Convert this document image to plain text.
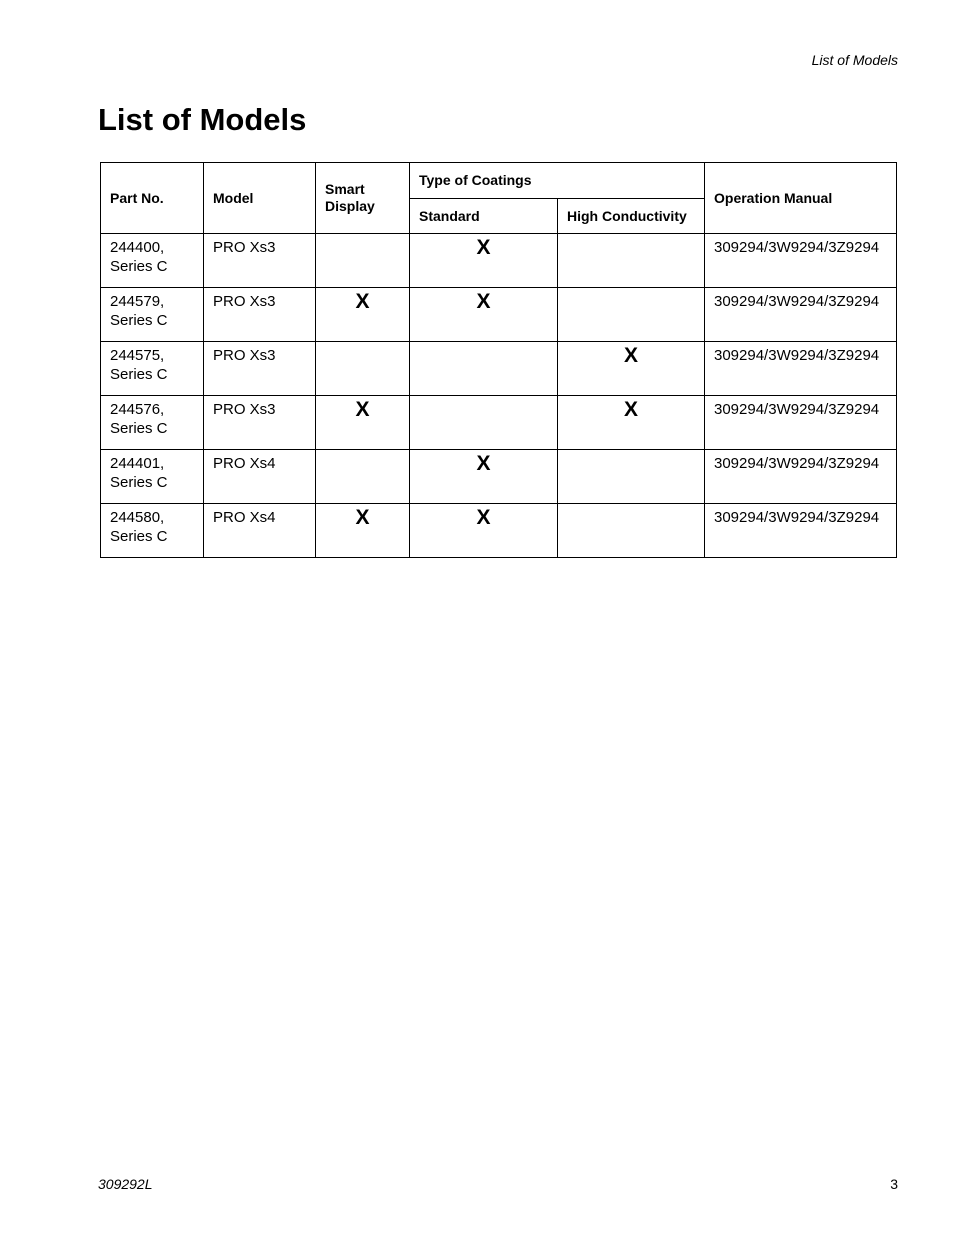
List of Models
List of Models
Part No.	Model	Smart Display	Type of Coatings		Operation Manual
			Standard	High Conductivity	
244400,
Series C	PRO Xs3		X		309294/3W9294/3Z9294
244579,
Series C	PRO Xs3	X	X		309294/3W9294/3Z9294
244575,
Series C	PRO Xs3			X	309294/3W9294/3Z9294
244576,
Series C	PRO Xs3	X		X	309294/3W9294/3Z9294
244401,
Series C	PRO Xs4		X		309294/3W9294/3Z9294
244580,
Series C	PRO Xs4	X	X		309294/3W9294/3Z9294
309292L	3
